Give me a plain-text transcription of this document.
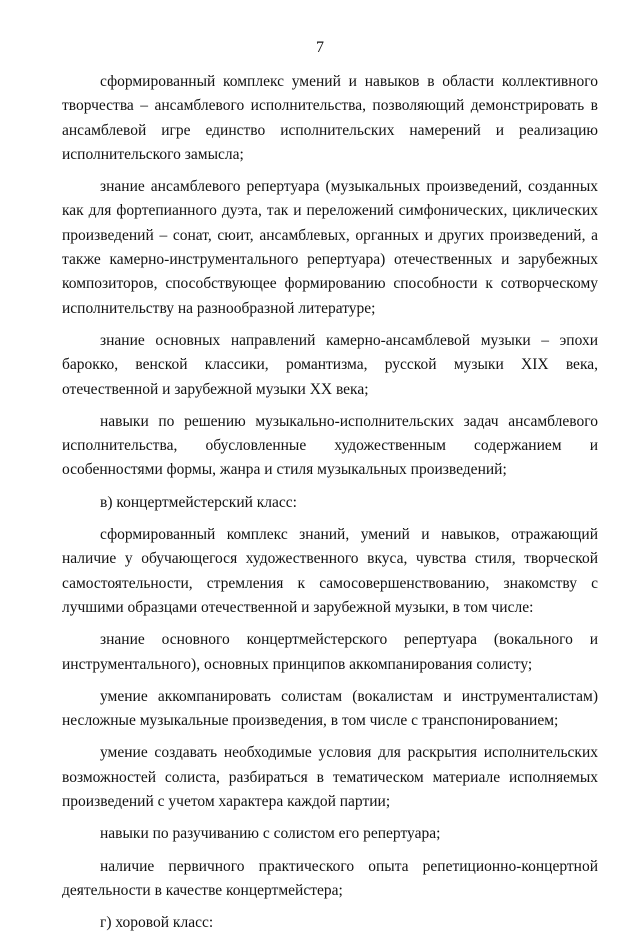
7

сформированный комплекс умений и навыков в области коллективного творчества – ансамблевого исполнительства, позволяющий демонстрировать в ансамблевой игре единство исполнительских намерений и реализацию исполнительского замысла;

знание ансамблевого репертуара (музыкальных произведений, созданных как для фортепианного дуэта, так и переложений симфонических, циклических произведений – сонат, сюит, ансамблевых, органных и других произведений, а также камерно-инструментального репертуара) отечественных и зарубежных композиторов, способствующее формированию способности к сотворческому исполнительству на разнообразной литературе;

знание основных направлений камерно-ансамблевой музыки – эпохи барокко, венской классики, романтизма, русской музыки XIX века, отечественной и зарубежной музыки XX века;

навыки по решению музыкально-исполнительских задач ансамблевого исполнительства, обусловленные художественным содержанием и особенностями формы, жанра и стиля музыкальных произведений;

в) концертмейстерский класс:

сформированный комплекс знаний, умений и навыков, отражающий наличие у обучающегося художественного вкуса, чувства стиля, творческой самостоятельности, стремления к самосовершенствованию, знакомству с лучшими образцами отечественной и зарубежной музыки, в том числе:

знание основного концертмейстерского репертуара (вокального и инструментального), основных принципов аккомпанирования солисту;

умение аккомпанировать солистам (вокалистам и инструменталистам) несложные музыкальные произведения, в том числе с транспонированием;

умение создавать необходимые условия для раскрытия исполнительских возможностей солиста, разбираться в тематическом материале исполняемых произведений с учетом характера каждой партии;

навыки по разучиванию с солистом его репертуара;

наличие первичного практического опыта репетиционно-концертной деятельности в качестве концертмейстера;

г) хоровой класс:
